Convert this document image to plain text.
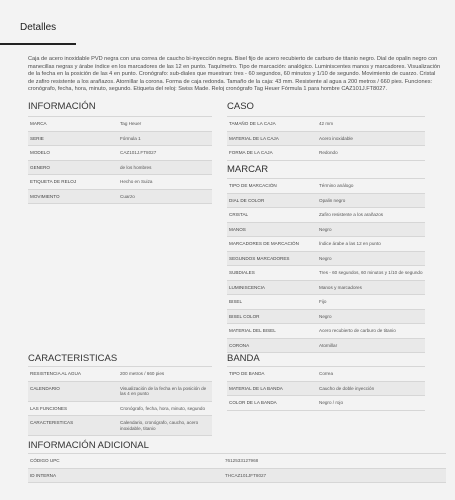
Detalles
Caja de acero inoxidable PVD negra con una correa de caucho bi-inyección negra. Bisel fijo de acero recubierto de carburo de titanio negro. Dial de opalin negro con manecillas negras y árabe índice en los marcadores de las 12 en punto. Taquímetro. Tipo de marcación: analógico. Luminiscentes manos y marcadores. Visualización de la fecha en la posición de las 4 en punto. Cronógrafo: sub-diales que muestran: tres - 60 segundos, 60 minutos y 1/10 de segundo. Movimiento de cuarzo. Cristal de zafiro resistente a los arañazos. Atornillar la corona. Forma de caja redonda. Tamaño de la caja: 43 mm. Resistente al agua a 200 metros / 660 pies. Funciones: cronógrafo, fecha, hora, minuto, segundo. Etiqueta del reloj: Swiss Made. Reloj cronógrafo Tag Heuer Fórmula 1 para hombre CAZ101J.FT8027.
INFORMACIÓN
MARCA	Tag Heuer
SERIE	Fórmula 1
MODELO	CAZ101J.FT8027
GENERO	de los hombres
ETIQUETA DE RELOJ	Hecho en Suiza
MOVIMIENTO	Cuarzo
CASO
TAMAÑO DE LA CAJA	42 mm
MATERIAL DE LA CAJA	Acero inoxidable
FORMA DE LA CAJA	Redondo
MARCAR
TIPO DE MARCACIÓN	Término análogo
DIAL DE COLOR	Opalin negro
CRISTAL	Zafiro resistente a los arañazos
MANOS	Negro
MARCADORES DE MARCACIÓN	Índice árabe a las 12 en punto
SEGUNDOS MARCADORES	Negro
SUBDIALES	Tres - 60 segundos, 60 minutos y 1/10 de segundo
LUMINISCENCIA	Manos y marcadores
BISEL	Fijo
BISEL COLOR	Negro
MATERIAL DEL BISEL	Acero recubierto de carburo de titanio
CORONA	Atornillar
CARACTERISTICAS
RESISTENCIA AL AGUA	200 metros / 660 pies
CALENDARIO	Visualización de la fecha en la posición de las 4 en punto
LAS FUNCIONES	Cronógrafo, fecha, hora, minuto, segundo
CARACTERISTICAS	Calendario, cronógrafo, caucho, acero inoxidable, titanio
BANDA
TIPO DE BANDA	Correa
MATERIAL DE LA BANDA	Caucho de doble inyección
COLOR DE LA BANDA	Negro / rojo
INFORMACIÓN ADICIONAL
CÓDIGO UPC	7612533127968
ID INTERNA	THCAZ101JFT8027
